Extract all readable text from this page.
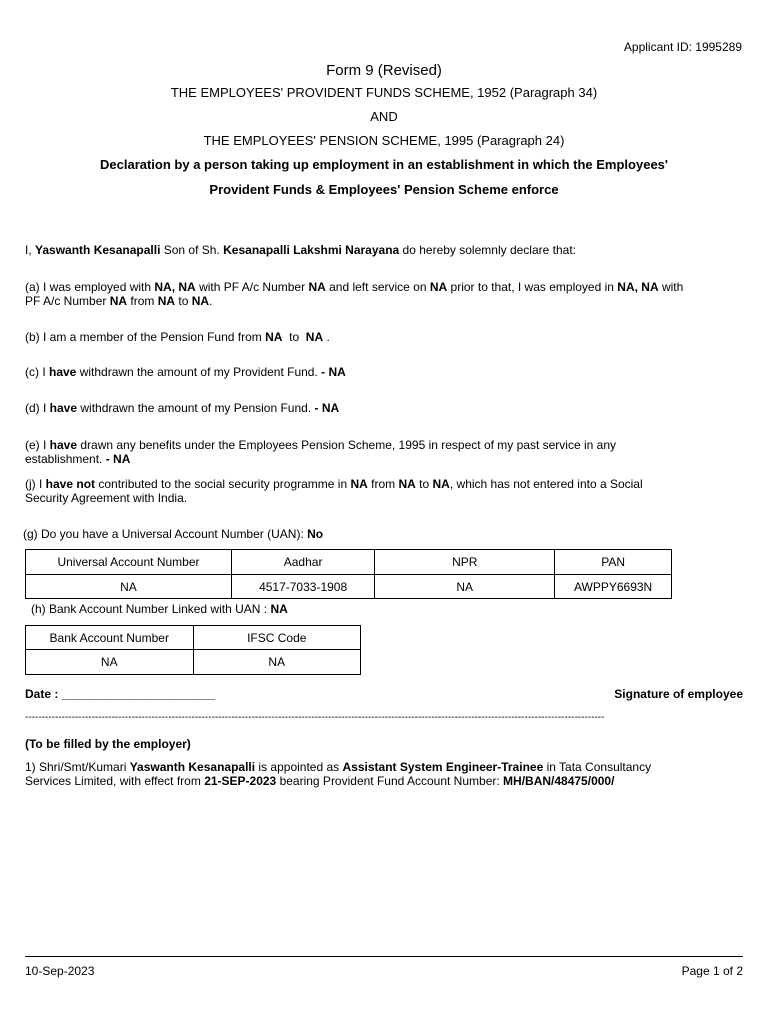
Applicant ID: 1995289
Form 9 (Revised)
THE EMPLOYEES' PROVIDENT FUNDS SCHEME, 1952 (Paragraph 34)
AND
THE EMPLOYEES' PENSION SCHEME, 1995 (Paragraph 24)
Declaration by a person taking up employment in an establishment in which the Employees'
Provident Funds & Employees' Pension Scheme enforce
I, Yaswanth Kesanapalli Son of Sh. Kesanapalli Lakshmi Narayana do hereby solemnly declare that:
(a) I was employed with NA, NA with PF A/c Number NA and left service on NA prior to that, I was employed in NA, NA with
PF A/c Number NA from NA to NA.
(b) I am a member of the Pension Fund from NA  to  NA .
(c) I have withdrawn the amount of my Provident Fund. - NA
(d) I have withdrawn the amount of my Pension Fund. - NA
(e) I have drawn any benefits under the Employees Pension Scheme, 1995 in respect of my past service in any
establishment. - NA
(j) I have not contributed to the social security programme in NA from NA to NA, which has not entered into a Social
Security Agreement with India.
(g) Do you have a Universal Account Number (UAN): No
Universal Account Number	Aadhar	NPR	PAN
NA	4517-7033-1908	NA	AWPPY6693N
(h) Bank Account Number Linked with UAN : NA
Bank Account Number	IFSC Code
NA	NA
Date : _______________________	Signature of employee
------------------------------------------------------------------------------------------------------------------------------------------------------------------------------
(To be filled by the employer)
1) Shri/Smt/Kumari Yaswanth Kesanapalli is appointed as Assistant System Engineer-Trainee in Tata Consultancy
Services Limited, with effect from 21-SEP-2023 bearing Provident Fund Account Number: MH/BAN/48475/000/
10-Sep-2023	Page 1 of 2
